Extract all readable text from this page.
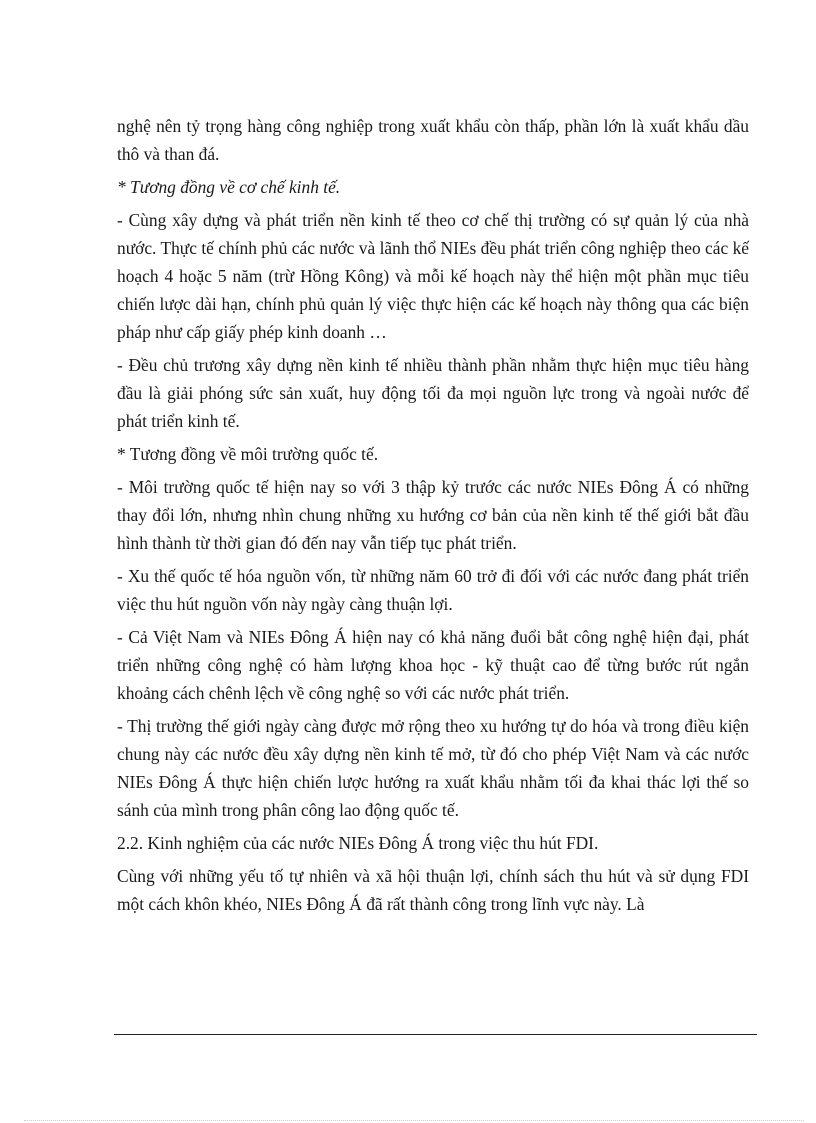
nghệ nên tỷ trọng hàng công nghiệp trong xuất khẩu còn thấp, phần lớn là xuất khẩu dầu thô và than đá.

* Tương đồng về cơ chế kinh tế.

- Cùng xây dựng và phát triển nền kinh tế theo cơ chế thị trường có sự quản lý của nhà nước. Thực tế chính phủ các nước và lãnh thổ NIEs đều phát triển công nghiệp theo các kế hoạch 4 hoặc 5 năm (trừ Hồng Kông) và mỗi kế hoạch này thể hiện một phần mục tiêu chiến lược dài hạn, chính phủ quản lý việc thực hiện các kế hoạch này thông qua các biện pháp như cấp giấy phép kinh doanh …

- Đều chủ trương xây dựng nền kinh tế nhiều thành phần nhằm thực hiện mục tiêu hàng đầu là giải phóng sức sản xuất, huy động tối đa mọi nguồn lực trong và ngoài nước để phát triển kinh tế.

* Tương đồng về môi trường quốc tế.

- Môi trường quốc tế hiện nay so với 3 thập kỷ trước các nước NIEs Đông Á có những thay đổi lớn, nhưng nhìn chung những xu hướng cơ bản của nền kinh tế thế giới bắt đầu hình thành từ thời gian đó đến nay vẫn tiếp tục phát triển.

- Xu thế quốc tế hóa nguồn vốn, từ những năm 60 trở đi đối với các nước đang phát triển việc thu hút nguồn vốn này ngày càng thuận lợi.

- Cả Việt Nam và NIEs Đông Á hiện nay có khả năng đuổi bắt công nghệ hiện đại, phát triển những công nghệ có hàm lượng khoa học - kỹ thuật cao để từng bước rút ngắn khoảng cách chênh lệch về công nghệ so với các nước phát triển.

- Thị trường thế giới ngày càng được mở rộng theo xu hướng tự do hóa và trong điều kiện chung này các nước đều xây dựng nền kinh tế mở, từ đó cho phép Việt Nam và các nước NIEs Đông Á thực hiện chiến lược hướng ra xuất khẩu nhằm tối đa khai thác lợi thế so sánh của mình trong phân công lao động quốc tế.

2.2. Kinh nghiệm của các nước NIEs Đông Á trong việc thu hút FDI.

Cùng với những yếu tố tự nhiên và xã hội thuận lợi, chính sách thu hút và sử dụng FDI một cách khôn khéo, NIEs Đông Á đã rất thành công trong lĩnh vực này. Là
